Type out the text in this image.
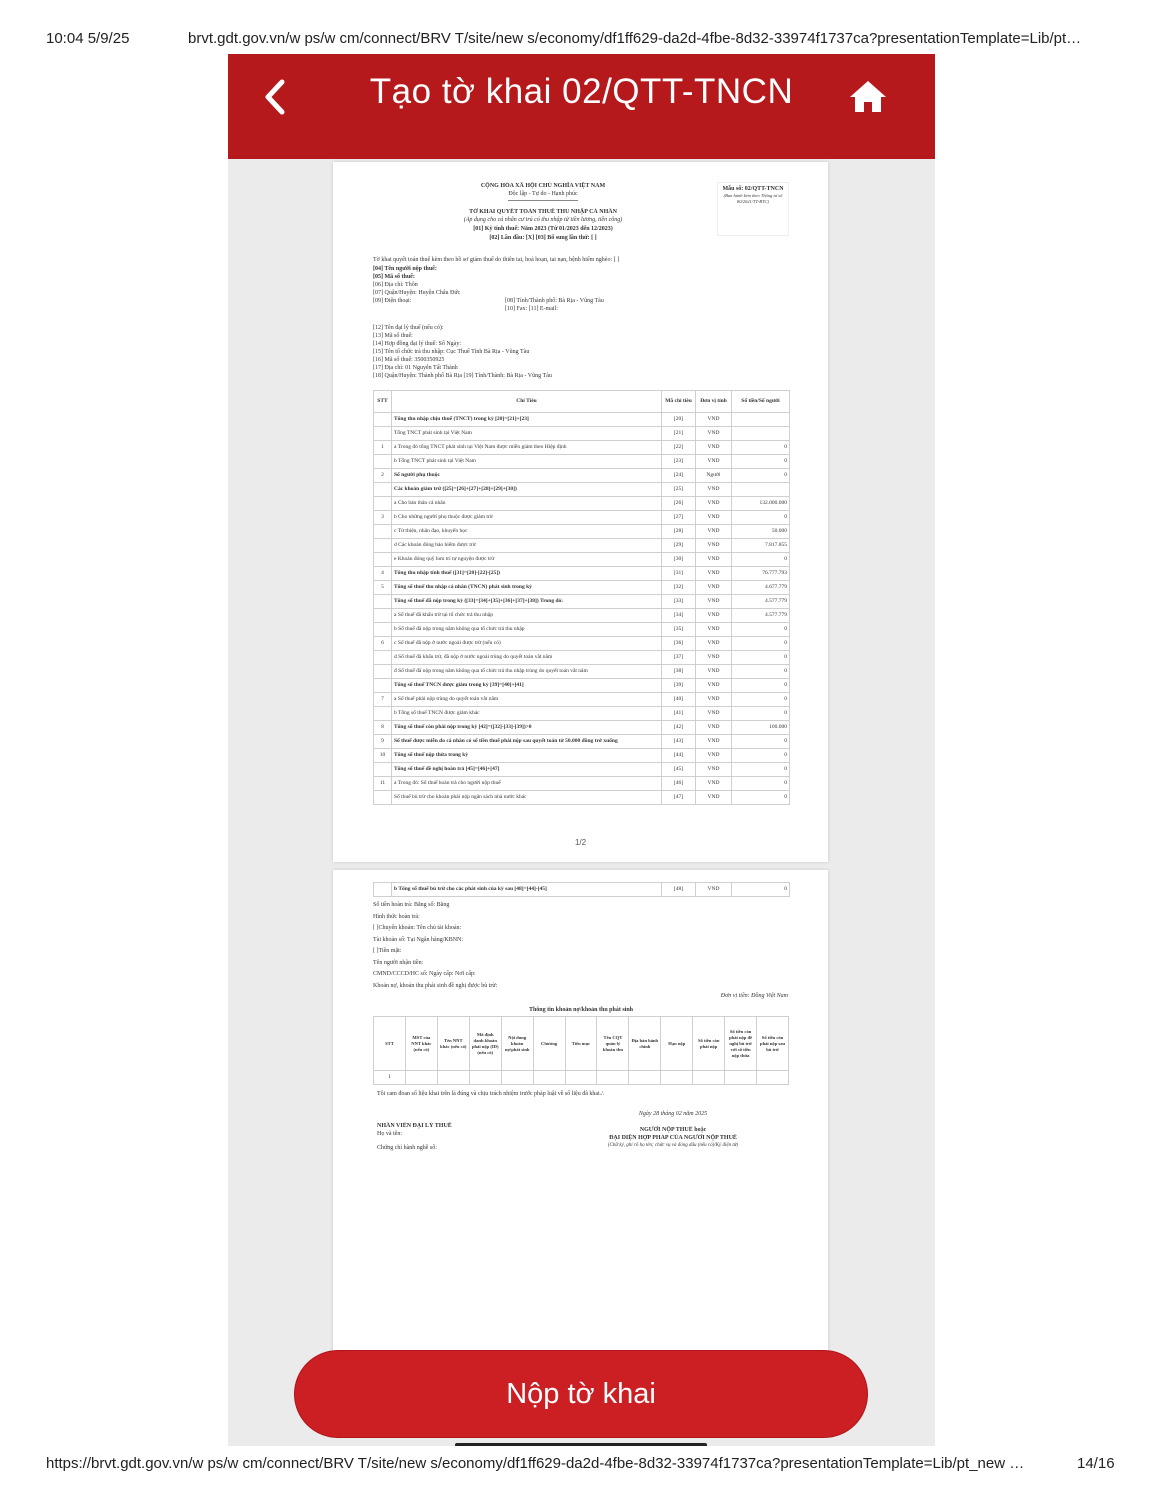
10:04 5/9/25	brvt.gdt.gov.vn/w ps/w cm/connect/BRV T/site/new s/economy/df1ff629-da2d-4fbe-8d32-33974f1737ca?presentationTemplate=Lib/pt…
Tạo tờ khai 02/QTT-TNCN
CỘNG HÒA XÃ HỘI CHỦ NGHĨA VIỆT NAM
Độc lập - Tự do - Hạnh phúc
TỜ KHAI QUYẾT TOÁN THUẾ THU NHẬP CÁ NHÂN
(Áp dụng cho cá nhân cư trú có thu nhập từ tiền lương, tiền công)
[01] Kỳ tính thuế: Năm 2023 (Từ 01/2023 đến 12/2023)
[02] Lần đầu: [X] [03] Bổ sung lần thứ: [ ]
Mẫu số: 02/QTT-TNCN
(Ban hành kèm theo Thông tư số 80/2021/TT-BTC)
Tờ khai quyết toán thuế kèm theo hồ sơ giảm thuế do thiên tai, hoả hoạn, tai nạn, bệnh hiểm nghèo: [ ]
[04] Tên người nộp thuế:
[05] Mã số thuế:
[06] Địa chỉ: Thôn
[07] Quận/Huyện: Huyện Châu Đức
[09] Điện thoại:	[08] Tỉnh/Thành phố: Bà Rịa - Vũng Tàu
[10] Fax: [11] E-mail:
[12] Tên đại lý thuế (nếu có):
[13] Mã số thuế:
[14] Hợp đồng đại lý thuế: Số Ngày:
[15] Tên tổ chức trả thu nhập: Cục Thuế Tỉnh Bà Rịa - Vũng Tàu
[16] Mã số thuế: 3500350925
[17] Địa chỉ: 01 Nguyễn Tất Thành
[18] Quận/Huyện: Thành phố Bà Rịa [19] Tỉnh/Thành: Bà Rịa - Vũng Tàu
STT	Chỉ Tiêu	Mã chỉ tiêu	Đơn vị tính	Số tiền/Số người
	Tổng thu nhập chịu thuế (TNCT) trong kỳ [20]=[21]+[23]	[20]	VND	
	Tổng TNCT phát sinh tại Việt Nam	[21]	VND	
1	a Trong đó tổng TNCT phát sinh tại Việt Nam được miễn giảm theo Hiệp định	[22]	VND	0
	b Tổng TNCT phát sinh tại Việt Nam	[23]	VND	0
2	Số người phụ thuộc	[24]	Người	0
	Các khoản giảm trừ ([25]=[26]+[27]+[28]+[29]+[30])	[25]	VND	
	a Cho bản thân cá nhân	[26]	VND	132.000.000
3	b Cho những người phụ thuộc được giảm trừ	[27]	VND	0
	c Từ thiện, nhân đạo, khuyến học	[28]	VND	50.000
	d Các khoản đóng bảo hiểm được trừ	[29]	VND	7.817.855
	e Khoản đóng quỹ hưu trí tự nguyện được trừ	[30]	VND	0
4	Tổng thu nhập tính thuế ([31]=[20]-[22]-[25])	[31]	VND	76.777.793
5	Tổng số thuế thu nhập cá nhân (TNCN) phát sinh trong kỳ	[32]	VND	4.677.779
	Tổng số thuế đã nộp trong kỳ ([33]=[34]+[35]+[36]+[37]+[38]) Trong đó:	[33]	VND	4.577.779
	a Số thuế đã khấu trừ tại tổ chức trả thu nhập	[34]	VND	4.577.779
	b Số thuế đã nộp trong năm không qua tổ chức trả thu nhập	[35]	VND	0
6	c Số thuế đã nộp ở nước ngoài được trừ (nếu có)	[36]	VND	0
	d Số thuế đã khấu trừ, đã nộp ở nước ngoài trùng do quyết toán vắt năm	[37]	VND	0
	đ Số thuế đã nộp trong năm không qua tổ chức trả thu nhập trùng do quyết toán vắt năm	[38]	VND	0
	Tổng số thuế TNCN được giảm trong kỳ [39]=[40]+[41]	[39]	VND	0
7	a Số thuế phải nộp trùng do quyết toán vắt năm	[40]	VND	0
	b Tổng số thuế TNCN được giảm khác	[41]	VND	0
8	Tổng số thuế còn phải nộp trong kỳ [42]=([32]-[33]-[39])>0	[42]	VND	100.000
9	Số thuế được miễn do cá nhân có số tiền thuế phải nộp sau quyết toán từ 50.000 đồng trở xuống	[43]	VND	0
10	Tổng số thuế nộp thừa trong kỳ	[44]	VND	0
	Tổng số thuế đề nghị hoàn trả [45]=[46]+[47]	[45]	VND	0
11	a Trong đó: Số thuế hoàn trả cho người nộp thuế	[46]	VND	0
	Số thuế bù trừ cho khoản phải nộp ngân sách nhà nước khác	[47]	VND	0
1/2
	b Tổng số thuế bù trừ cho các phát sinh của kỳ sau [48]=[44]-[45]	[48]	VND	0
Số tiền hoàn trả: Bằng số: Bằng
Hình thức hoàn trả:
[ ]Chuyển khoản: Tên chủ tài khoản:
Tài khoản số: Tại Ngân hàng/KBNN:
[ ]Tiền mặt:
Tên người nhận tiền:
CMND/CCCD/HC số: Ngày cấp: Nơi cấp:
Khoản nợ, khoản thu phát sinh đề nghị được bù trừ:
Đơn vị tiền: Đồng Việt Nam
Thông tin khoản nợ/khoản thu phát sinh
STT	MST của NNT khác (nếu có)	Tên NNT khác (nếu có)	Mã định danh khoản phải nộp (ID) (nếu có)	Nội dung khoản nợ/phát sinh	Chương	Tiểu mục	Tên CQT quản lý khoản thu	Địa bàn hành chính	Hạn nộp	Số tiền còn phải nộp	Số tiền còn phải nộp đề nghị bù trừ với số tiền nộp thừa	Số tiền còn phải nộp sau bù trừ
1												
Tôi cam đoan số liệu khai trên là đúng và chịu trách nhiệm trước pháp luật về số liệu đã khai./.
Ngày 28 tháng 02 năm 2025
NHÂN VIÊN ĐẠI LÝ THUẾ
Họ và tên:
Chứng chỉ hành nghề số:
NGƯỜI NỘP THUẾ hoặc
ĐẠI DIỆN HỢP PHÁP CỦA NGƯỜI NỘP THUẾ
(Chữ ký, ghi rõ họ tên; chức vụ và đóng dấu (nếu có)/Ký điện tử)
Nộp tờ khai
https://brvt.gdt.gov.vn/w ps/w cm/connect/BRV T/site/new s/economy/df1ff629-da2d-4fbe-8d32-33974f1737ca?presentationTemplate=Lib/pt_new …	14/16
